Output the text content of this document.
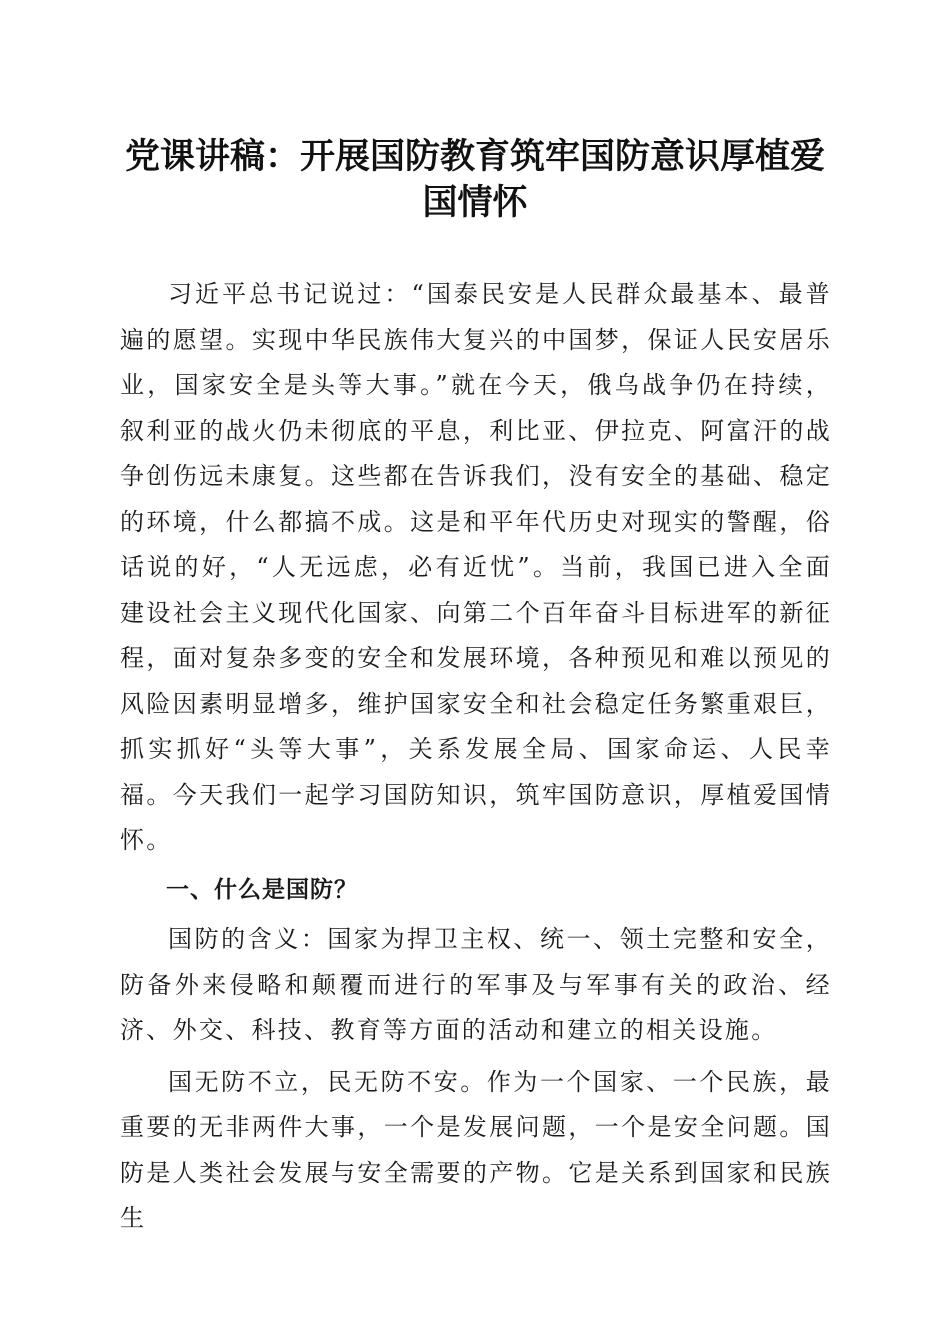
党课讲稿：开展国防教育筑牢国防意识厚植爱国情怀

习近平总书记说过：“国泰民安是人民群众最基本、最普遍的愿望。实现中华民族伟大复兴的中国梦，保证人民安居乐业，国家安全是头等大事。”就在今天，俄乌战争仍在持续，叙利亚的战火仍未彻底的平息，利比亚、伊拉克、阿富汗的战争创伤远未康复。这些都在告诉我们，没有安全的基础、稳定的环境，什么都搞不成。这是和平年代历史对现实的警醒，俗话说的好，“人无远虑，必有近忧”。当前，我国已进入全面建设社会主义现代化国家、向第二个百年奋斗目标进军的新征程，面对复杂多变的安全和发展环境，各种预见和难以预见的风险因素明显增多，维护国家安全和社会稳定任务繁重艰巨，抓实抓好“头等大事”，关系发展全局、国家命运、人民幸福。今天我们一起学习国防知识，筑牢国防意识，厚植爱国情怀。

一、什么是国防？

国防的含义：国家为捍卫主权、统一、领土完整和安全，防备外来侵略和颠覆而进行的军事及与军事有关的政治、经济、外交、科技、教育等方面的活动和建立的相关设施。

国无防不立，民无防不安。作为一个国家、一个民族，最重要的无非两件大事，一个是发展问题，一个是安全问题。国防是人类社会发展与安全需要的产物。它是关系到国家和民族生
